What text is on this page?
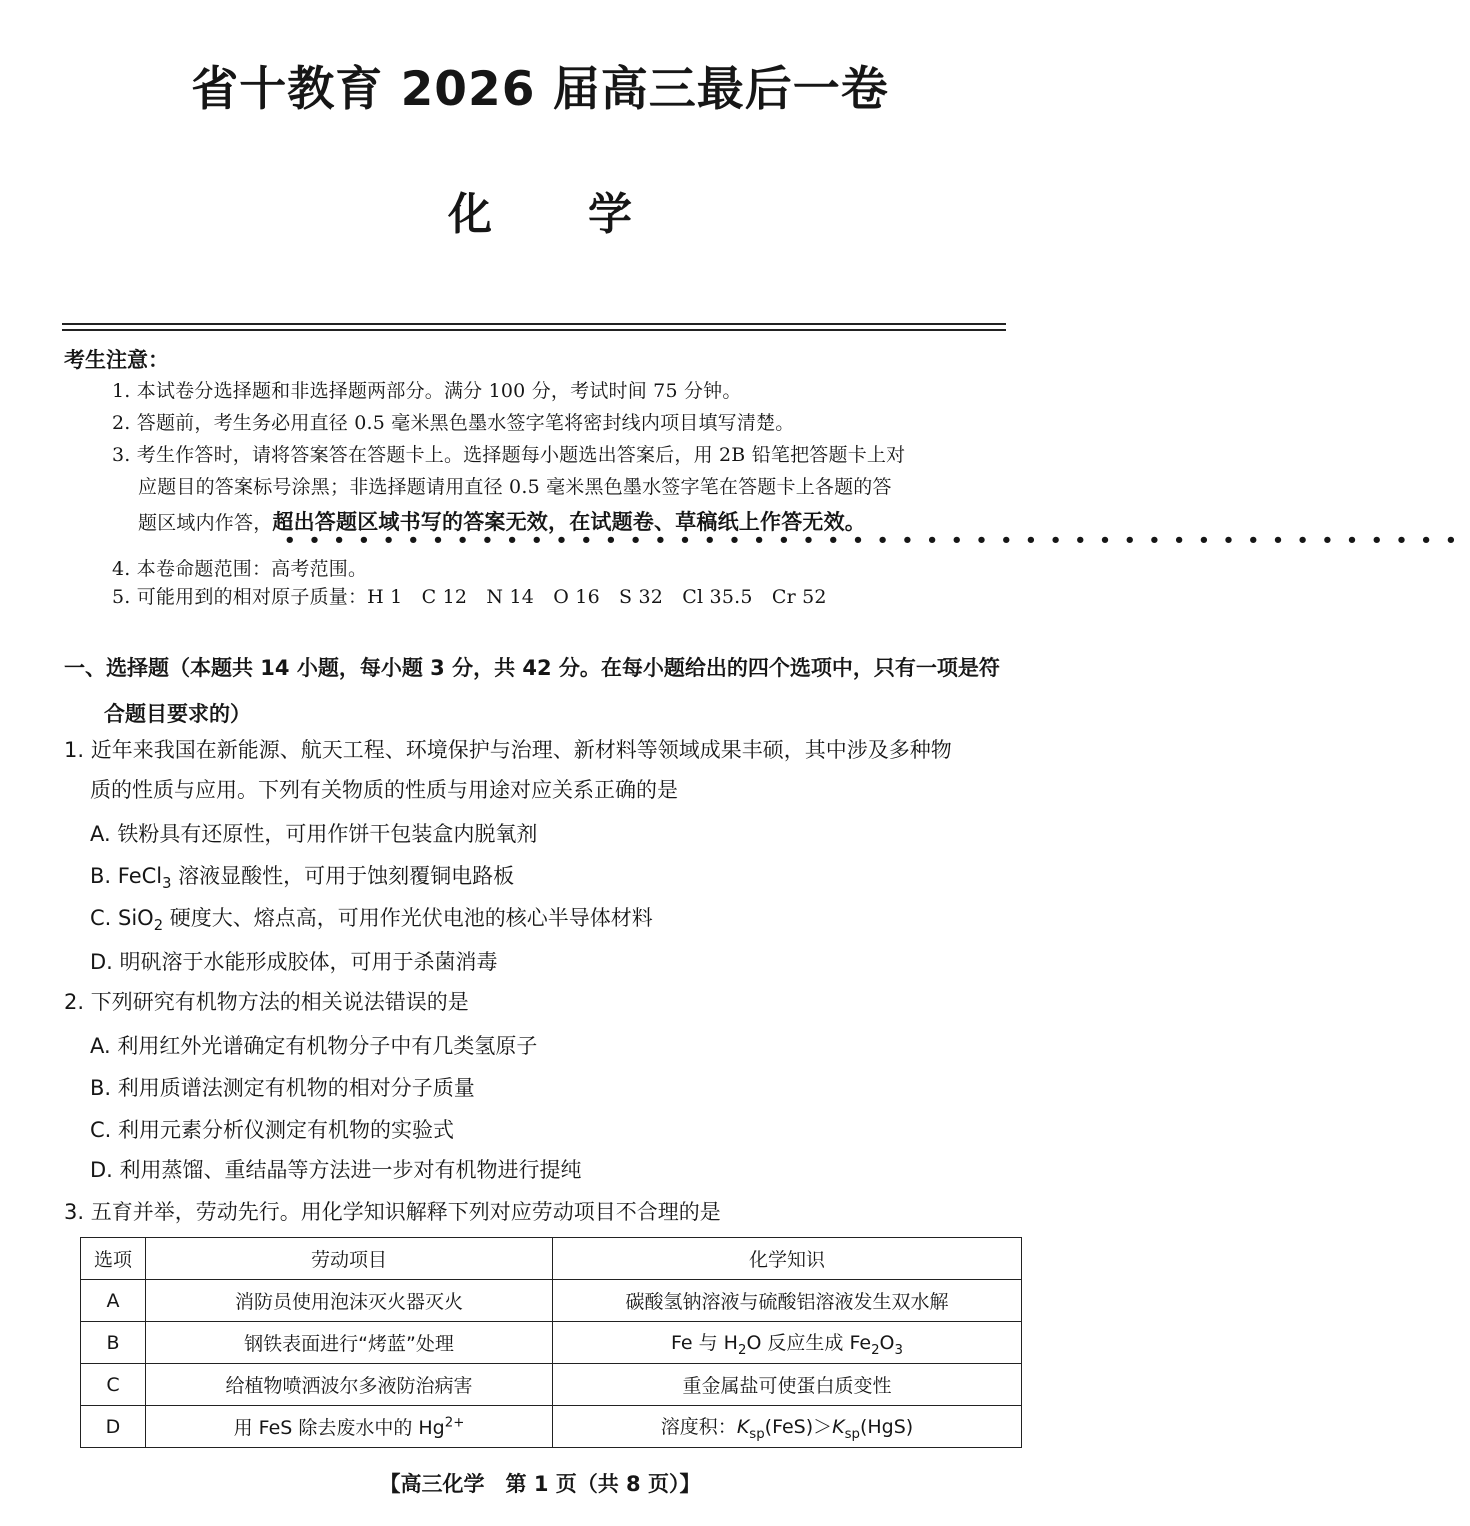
省十教育 2026 届高三最后一卷
化 学
考生注意：
1. 本试卷分选择题和非选择题两部分。满分 100 分，考试时间 75 分钟。
2. 答题前，考生务必用直径 0.5 毫米黑色墨水签字笔将密封线内项目填写清楚。
3. 考生作答时，请将答案答在答题卡上。选择题每小题选出答案后，用 2B 铅笔把答题卡上对
应题目的答案标号涂黑；非选择题请用直径 0.5 毫米黑色墨水签字笔在答题卡上各题的答
题区域内作答，超出答题区域书写的答案无效，在试题卷、草稿纸上作答无效。
••••••••••••••••••••••••••••••••••••••••••••••••
4. 本卷命题范围：高考范围。
5. 可能用到的相对原子质量：H 1　C 12　N 14　O 16　S 32　Cl 35.5　Cr 52
一、选择题（本题共 14 小题，每小题 3 分，共 42 分。在每小题给出的四个选项中，只有一项是符
合题目要求的）
1. 近年来我国在新能源、航天工程、环境保护与治理、新材料等领域成果丰硕，其中涉及多种物
质的性质与应用。下列有关物质的性质与用途对应关系正确的是
A. 铁粉具有还原性，可用作饼干包装盒内脱氧剂
B. FeCl$_3$ 溶液显酸性，可用于蚀刻覆铜电路板
C. SiO$_2$ 硬度大、熔点高，可用作光伏电池的核心半导体材料
D. 明矾溶于水能形成胶体，可用于杀菌消毒
2. 下列研究有机物方法的相关说法错误的是
A. 利用红外光谱确定有机物分子中有几类氢原子
B. 利用质谱法测定有机物的相对分子质量
C. 利用元素分析仪测定有机物的实验式
D. 利用蒸馏、重结晶等方法进一步对有机物进行提纯
3. 五育并举，劳动先行。用化学知识解释下列对应劳动项目不合理的是
选项	劳动项目	化学知识
A	消防员使用泡沫灭火器灭火	碳酸氢钠溶液与硫酸铝溶液发生双水解
B	钢铁表面进行“烤蓝”处理	Fe 与 $H_2O$ 反应生成 $Fe_2O_3$
C	给植物喷洒波尔多液防治病害	重金属盐可使蛋白质变性
D	用 FeS 除去废水中的 $Hg^{2+}$	溶度积：$K_{sp}(FeS)>K_{sp}(HgS)$
【高三化学　第 1 页（共 8 页）】
